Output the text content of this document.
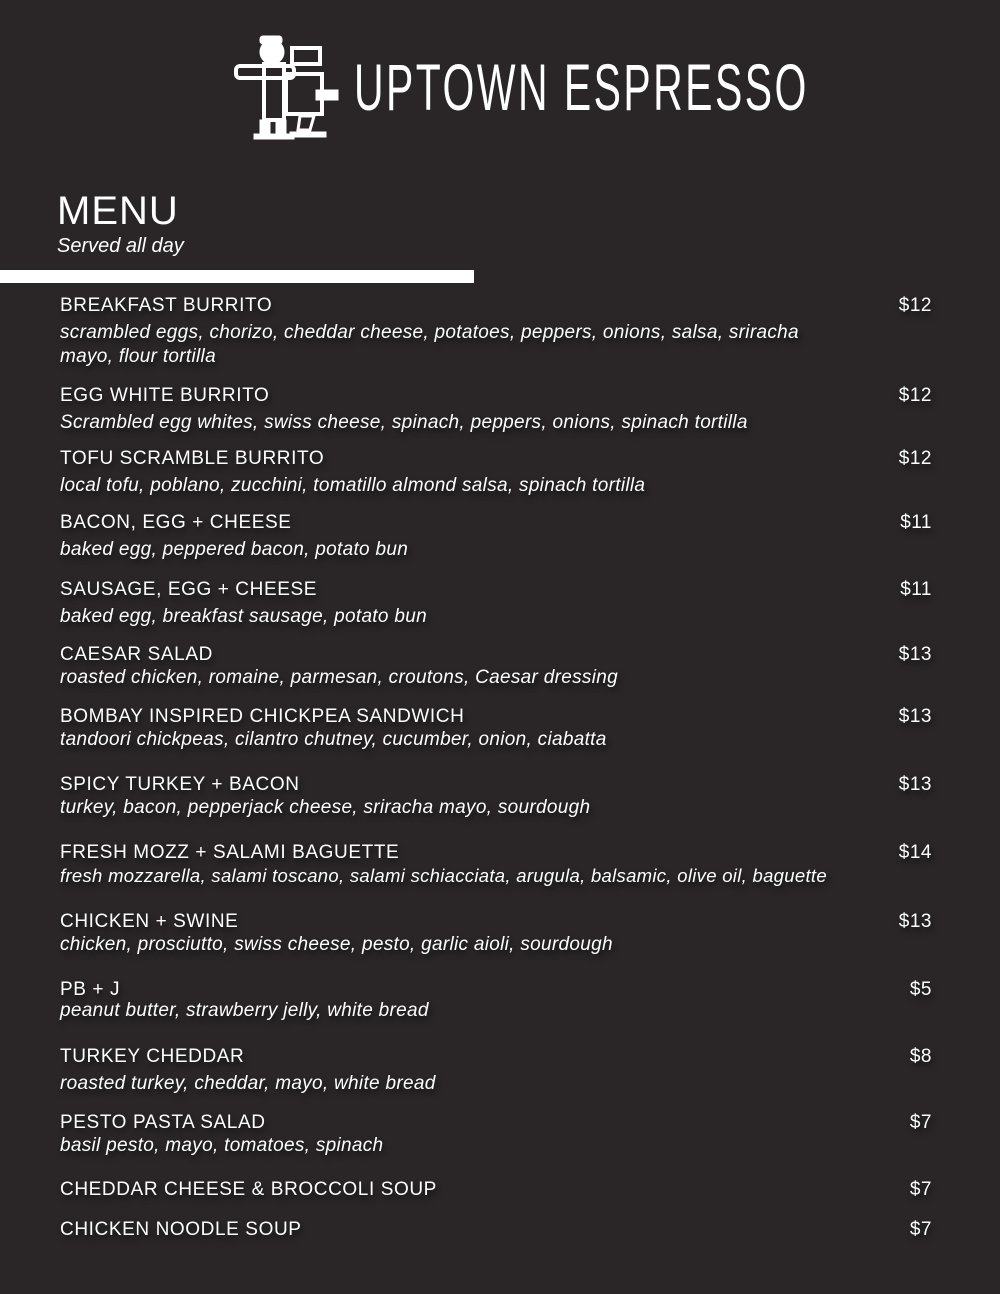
UPTOWN ESPRESSO
MENU
Served all day
BREAKFAST BURRITO	$12
scrambled eggs, chorizo, cheddar cheese, potatoes, peppers, onions, salsa, sriracha mayo, flour tortilla
EGG WHITE BURRITO	$12
Scrambled egg whites, swiss cheese, spinach, peppers, onions, spinach tortilla
TOFU SCRAMBLE BURRITO	$12
local tofu, poblano, zucchini, tomatillo almond salsa, spinach tortilla
BACON, EGG + CHEESE	$11
baked egg, peppered bacon, potato bun
SAUSAGE, EGG + CHEESE	$11
baked egg, breakfast sausage, potato bun
CAESAR SALAD	$13
roasted chicken, romaine, parmesan, croutons, Caesar dressing
BOMBAY INSPIRED CHICKPEA SANDWICH	$13
tandoori chickpeas, cilantro chutney, cucumber, onion, ciabatta
SPICY TURKEY + BACON	$13
turkey, bacon, pepperjack cheese, sriracha mayo, sourdough
FRESH MOZZ + SALAMI BAGUETTE	$14
fresh mozzarella, salami toscano, salami schiacciata, arugula, balsamic, olive oil, baguette
CHICKEN + SWINE	$13
chicken, prosciutto, swiss cheese, pesto, garlic aioli, sourdough
PB + J	$5
peanut butter, strawberry jelly, white bread
TURKEY CHEDDAR	$8
roasted turkey, cheddar, mayo, white bread
PESTO PASTA SALAD	$7
basil pesto, mayo, tomatoes, spinach
CHEDDAR CHEESE & BROCCOLI SOUP	$7
CHICKEN NOODLE SOUP	$7
